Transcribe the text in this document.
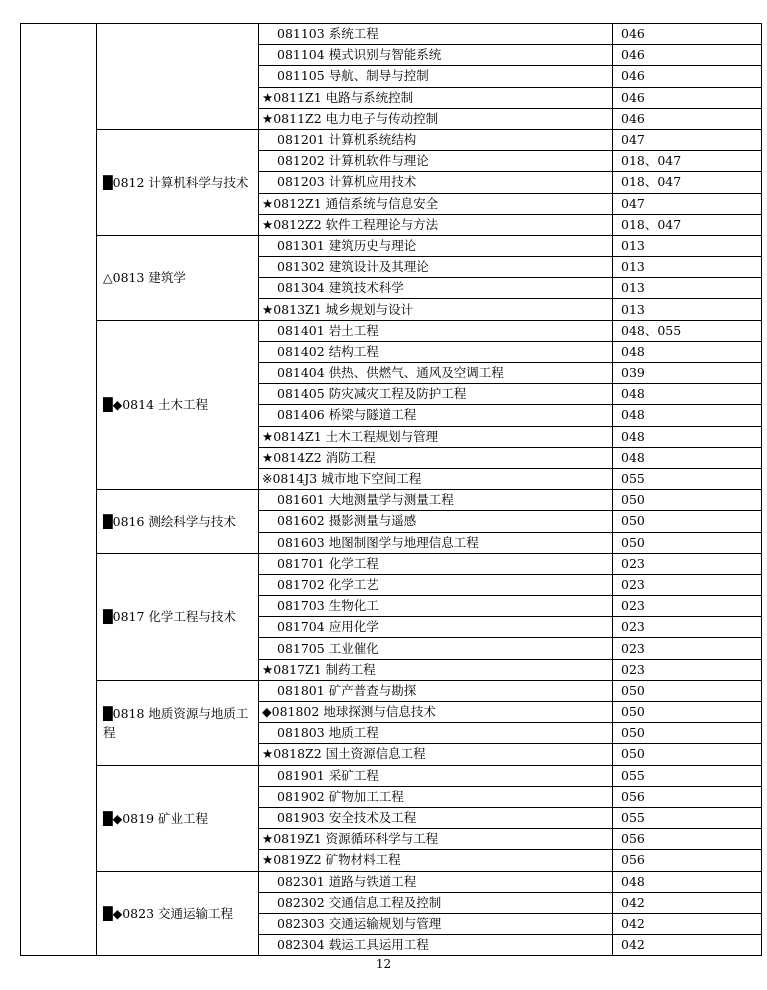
		081103 系统工程	046
		081104 模式识别与智能系统	046
		081105 导航、制导与控制	046
		★0811Z1 电路与系统控制	046
		★0811Z2 电力电子与传动控制	046
	█0812 计算机科学与技术	081201 计算机系统结构	047
		081202 计算机软件与理论	018、047
		081203 计算机应用技术	018、047
		★0812Z1 通信系统与信息安全	047
		★0812Z2 软件工程理论与方法	018、047
	△0813 建筑学	081301 建筑历史与理论	013
		081302 建筑设计及其理论	013
		081304 建筑技术科学	013
		★0813Z1 城乡规划与设计	013
	█◆0814 土木工程	081401 岩土工程	048、055
		081402 结构工程	048
		081404 供热、供燃气、通风及空调工程	039
		081405 防灾减灾工程及防护工程	048
		081406 桥梁与隧道工程	048
		★0814Z1 土木工程规划与管理	048
		★0814Z2 消防工程	048
		※0814J3 城市地下空间工程	055
	█0816 测绘科学与技术	081601 大地测量学与测量工程	050
		081602 摄影测量与遥感	050
		081603 地图制图学与地理信息工程	050
	█0817 化学工程与技术	081701 化学工程	023
		081702 化学工艺	023
		081703 生物化工	023
		081704 应用化学	023
		081705 工业催化	023
		★0817Z1 制药工程	023
	█0818 地质资源与地质工程	081801 矿产普查与勘探	050
		◆081802 地球探测与信息技术	050
		081803 地质工程	050
		★0818Z2 国土资源信息工程	050
	█◆0819 矿业工程	081901 采矿工程	055
		081902 矿物加工工程	056
		081903 安全技术及工程	055
		★0819Z1 资源循环科学与工程	056
		★0819Z2 矿物材料工程	056
	█◆0823 交通运输工程	082301 道路与铁道工程	048
		082302 交通信息工程及控制	042
		082303 交通运输规划与管理	042
		082304 载运工具运用工程	042
12
